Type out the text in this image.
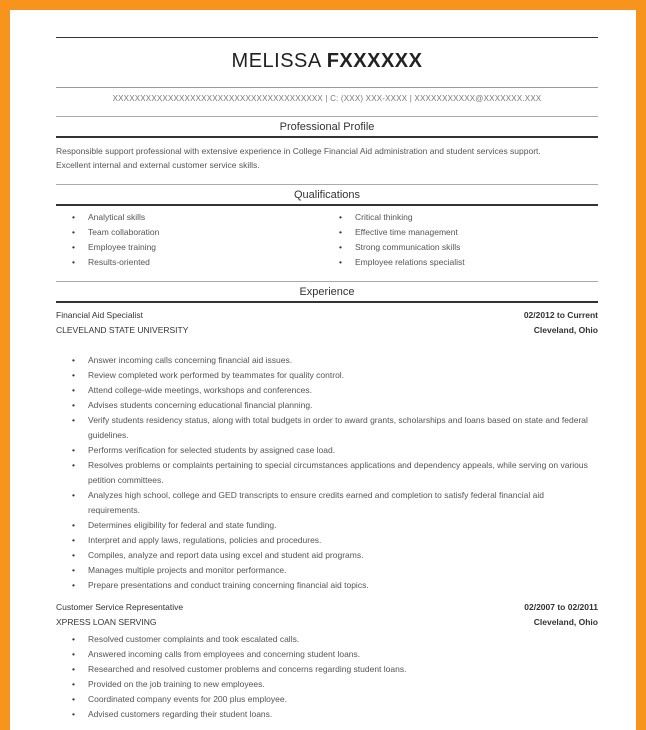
MELISSA FXXXXXX
XXXXXXXXXXXXXXXXXXXXXXXXXXXXXXXXXXXXXX | C: (XXX) XXX-XXXX | XXXXXXXXXXX@XXXXXXX.XXX
Professional Profile
Responsible support professional with extensive experience in College Financial Aid administration and student services support. Excellent internal and external customer service skills.
Qualifications
• Analytical skills
• Team collaboration
• Employee training
• Results-oriented
• Critical thinking
• Effective time management
• Strong communication skills
• Employee relations specialist
Experience
Financial Aid Specialist	02/2012 to Current
CLEVELAND STATE UNIVERSITY	Cleveland, Ohio
• Answer incoming calls concerning financial aid issues.
• Review completed work performed by teammates for quality control.
• Attend college-wide meetings, workshops and conferences.
• Advises students concerning educational financial planning.
• Verify students residency status, along with total budgets in order to award grants, scholarships and loans based on state and federal guidelines.
• Performs verification for selected students by assigned case load.
• Resolves problems or complaints pertaining to special circumstances applications and dependency appeals, while serving on various petition committees.
• Analyzes high school, college and GED transcripts to ensure credits earned and completion to satisfy federal financial aid requirements.
• Determines eligibility for federal and state funding.
• Interpret and apply laws, regulations, policies and procedures.
• Compiles, analyze and report data using excel and student aid programs.
• Manages multiple projects and monitor performance.
• Prepare presentations and conduct training concerning financial aid topics.
Customer Service Representative	02/2007 to 02/2011
XPRESS LOAN SERVING	Cleveland, Ohio
• Resolved customer complaints and took escalated calls.
• Answered incoming calls from employees and concerning student loans.
• Researched and resolved customer problems and concerns regarding student loans.
• Provided on the job training to new employees.
• Coordinated company events for 200 plus employee.
• Advised customers regarding their student loans.
